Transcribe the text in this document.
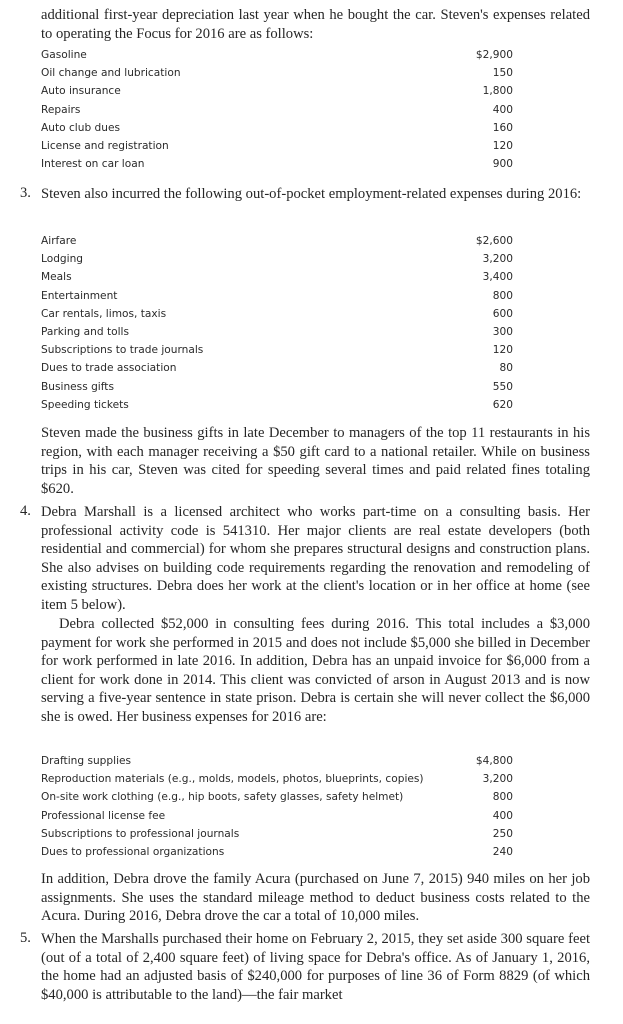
additional first-year depreciation last year when he bought the car. Steven's expenses related to operating the Focus for 2016 are as follows:
Gasoline	$2,900
Oil change and lubrication	150
Auto insurance	1,800
Repairs	400
Auto club dues	160
License and registration	120
Interest on car loan	900
3. Steven also incurred the following out-of-pocket employment-related expenses during 2016:
Airfare	$2,600
Lodging	3,200
Meals	3,400
Entertainment	800
Car rentals, limos, taxis	600
Parking and tolls	300
Subscriptions to trade journals	120
Dues to trade association	80
Business gifts	550
Speeding tickets	620
Steven made the business gifts in late December to managers of the top 11 restaurants in his region, with each manager receiving a $50 gift card to a national retailer. While on business trips in his car, Steven was cited for speeding several times and paid related fines totaling $620.
4. Debra Marshall is a licensed architect who works part-time on a consulting basis. Her professional activity code is 541310. Her major clients are real estate developers (both residential and commercial) for whom she prepares structural designs and construction plans. She also advises on building code requirements regarding the renovation and remodeling of existing structures. Debra does her work at the client's location or in her office at home (see item 5 below).
Debra collected $52,000 in consulting fees during 2016. This total includes a $3,000 payment for work she performed in 2015 and does not include $5,000 she billed in December for work performed in late 2016. In addition, Debra has an unpaid invoice for $6,000 from a client for work done in 2014. This client was convicted of arson in August 2013 and is now serving a five-year sentence in state prison. Debra is certain she will never collect the $6,000 she is owed. Her business expenses for 2016 are:
Drafting supplies	$4,800
Reproduction materials (e.g., molds, models, photos, blueprints, copies)	3,200
On-site work clothing (e.g., hip boots, safety glasses, safety helmet)	800
Professional license fee	400
Subscriptions to professional journals	250
Dues to professional organizations	240
In addition, Debra drove the family Acura (purchased on June 7, 2015) 940 miles on her job assignments. She uses the standard mileage method to deduct business costs related to the Acura. During 2016, Debra drove the car a total of 10,000 miles.
5. When the Marshalls purchased their home on February 2, 2015, they set aside 300 square feet (out of a total of 2,400 square feet) of living space for Debra's office. As of January 1, 2016, the home had an adjusted basis of $240,000 for purposes of line 36 of Form 8829 (of which $40,000 is attributable to the land)—the fair market
